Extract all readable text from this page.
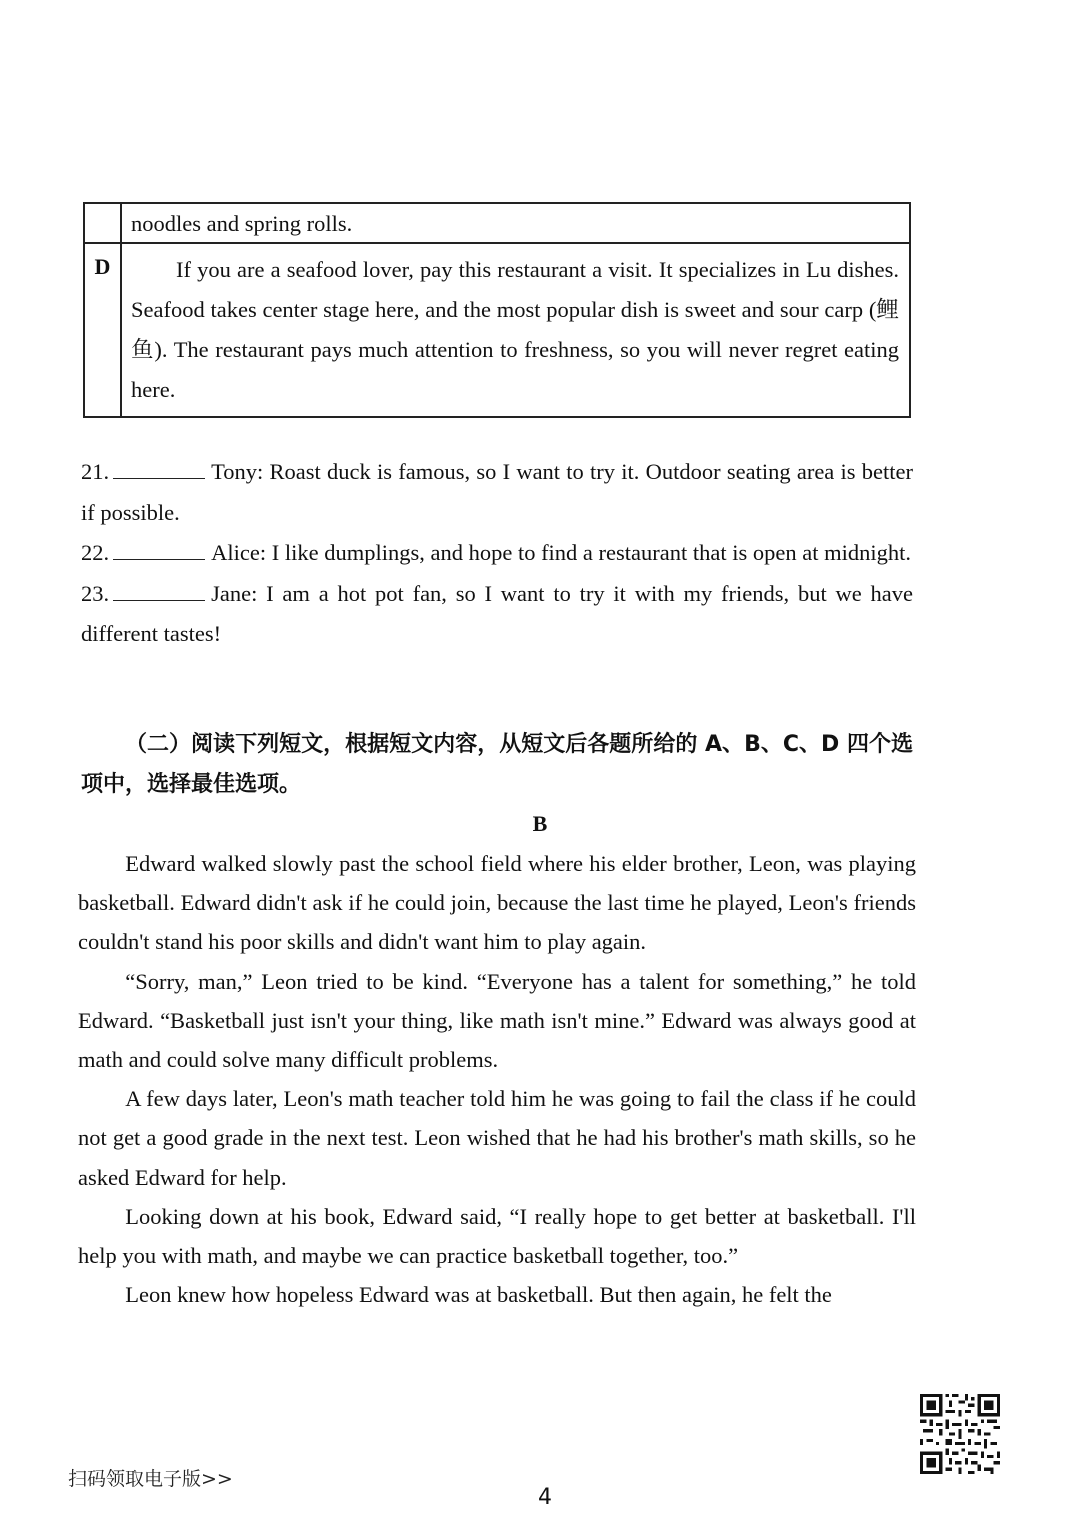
noodles and spring rolls.
D	If you are a seafood lover, pay this restaurant a visit. It specializes in Lu dishes. Seafood takes center stage here, and the most popular dish is sweet and sour carp (鲤鱼). The restaurant pays much attention to freshness, so you will never regret eating here.

21.	Tony: Roast duck is famous, so I want to try it. Outdoor seating area is better if possible.

22.	Alice: I like dumplings, and hope to find a restaurant that is open at midnight.

23.	Jane: I am a hot pot fan, so I want to try it with my friends, but we have different tastes!

（二）阅读下列短文，根据短文内容，从短文后各题所给的 A、B、C、D 四个选项中，选择最佳选项。
B

Edward walked slowly past the school field where his elder brother, Leon, was playing basketball. Edward didn't ask if he could join, because the last time he played, Leon's friends couldn't stand his poor skills and didn't want him to play again.

“Sorry, man,” Leon tried to be kind. “Everyone has a talent for something,” he told Edward. “Basketball just isn't your thing, like math isn't mine.” Edward was always good at math and could solve many difficult problems.

A few days later, Leon's math teacher told him he was going to fail the class if he could not get a good grade in the next test. Leon wished that he had his brother's math skills, so he asked Edward for help.

Looking down at his book, Edward said, “I really hope to get better at basketball. I'll help you with math, and maybe we can practice basketball together, too.”

Leon knew how hopeless Edward was at basketball. But then again, he felt the

扫码领取电子版>>
4
